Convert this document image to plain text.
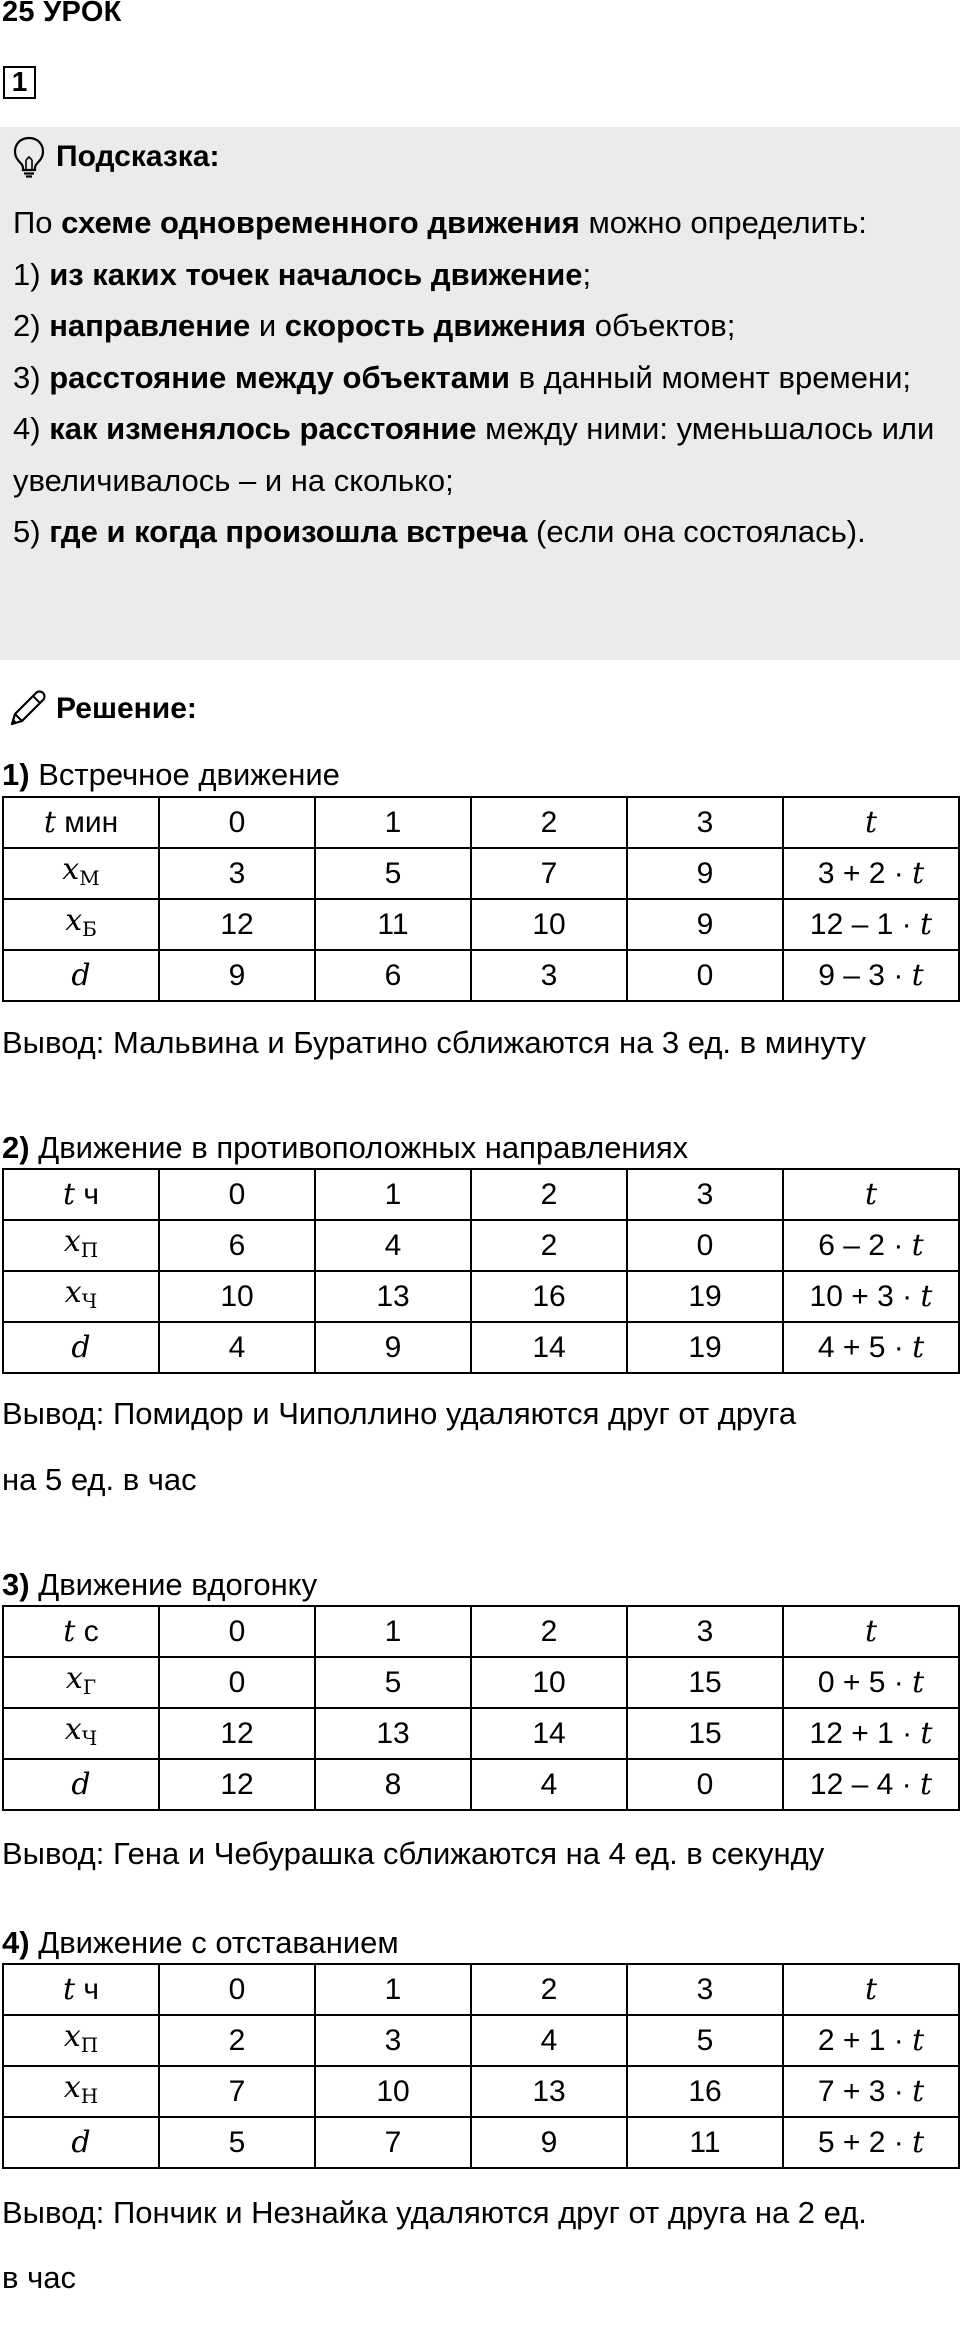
25 УРОК
1
Подсказка:

По схеме одновременного движения можно определить:

1) из каких точек началось движение;

2) направление и скорость движения объектов;

3) расстояние между объектами в данный момент времени;

4) как изменялось расстояние между ними: уменьшалось или увеличивалось – и на сколько;

5) где и когда произошла встреча (если она состоялась).

Решение:
1) Встречное движение
t мин	0	1	2	3	t
$x_М$	3	5	7	9	3 + 2 · t
$x_Б$	12	11	10	9	12 – 1 · t
d	9	6	3	0	9 – 3 · t
Вывод: Мальвина и Буратино сближаются на 3 ед. в минуту
2) Движение в противоположных направлениях
t ч	0	1	2	3	t
$x_П$	6	4	2	0	6 – 2 · t
$x_Ч$	10	13	16	19	10 + 3 · t
d	4	9	14	19	4 + 5 · t
Вывод: Помидор и Чиполлино удаляются друг от друга
на 5 ед. в час
3) Движение вдогонку
t с	0	1	2	3	t
$x_Г$	0	5	10	15	0 + 5 · t
$x_Ч$	12	13	14	15	12 + 1 · t
d	12	8	4	0	12 – 4 · t
Вывод: Гена и Чебурашка сближаются на 4 ед. в секунду
4) Движение с отставанием
t ч	0	1	2	3	t
$x_П$	2	3	4	5	2 + 1 · t
$x_Н$	7	10	13	16	7 + 3 · t
d	5	7	9	11	5 + 2 · t
Вывод: Пончик и Незнайка удаляются друг от друга на 2 ед.
в час
